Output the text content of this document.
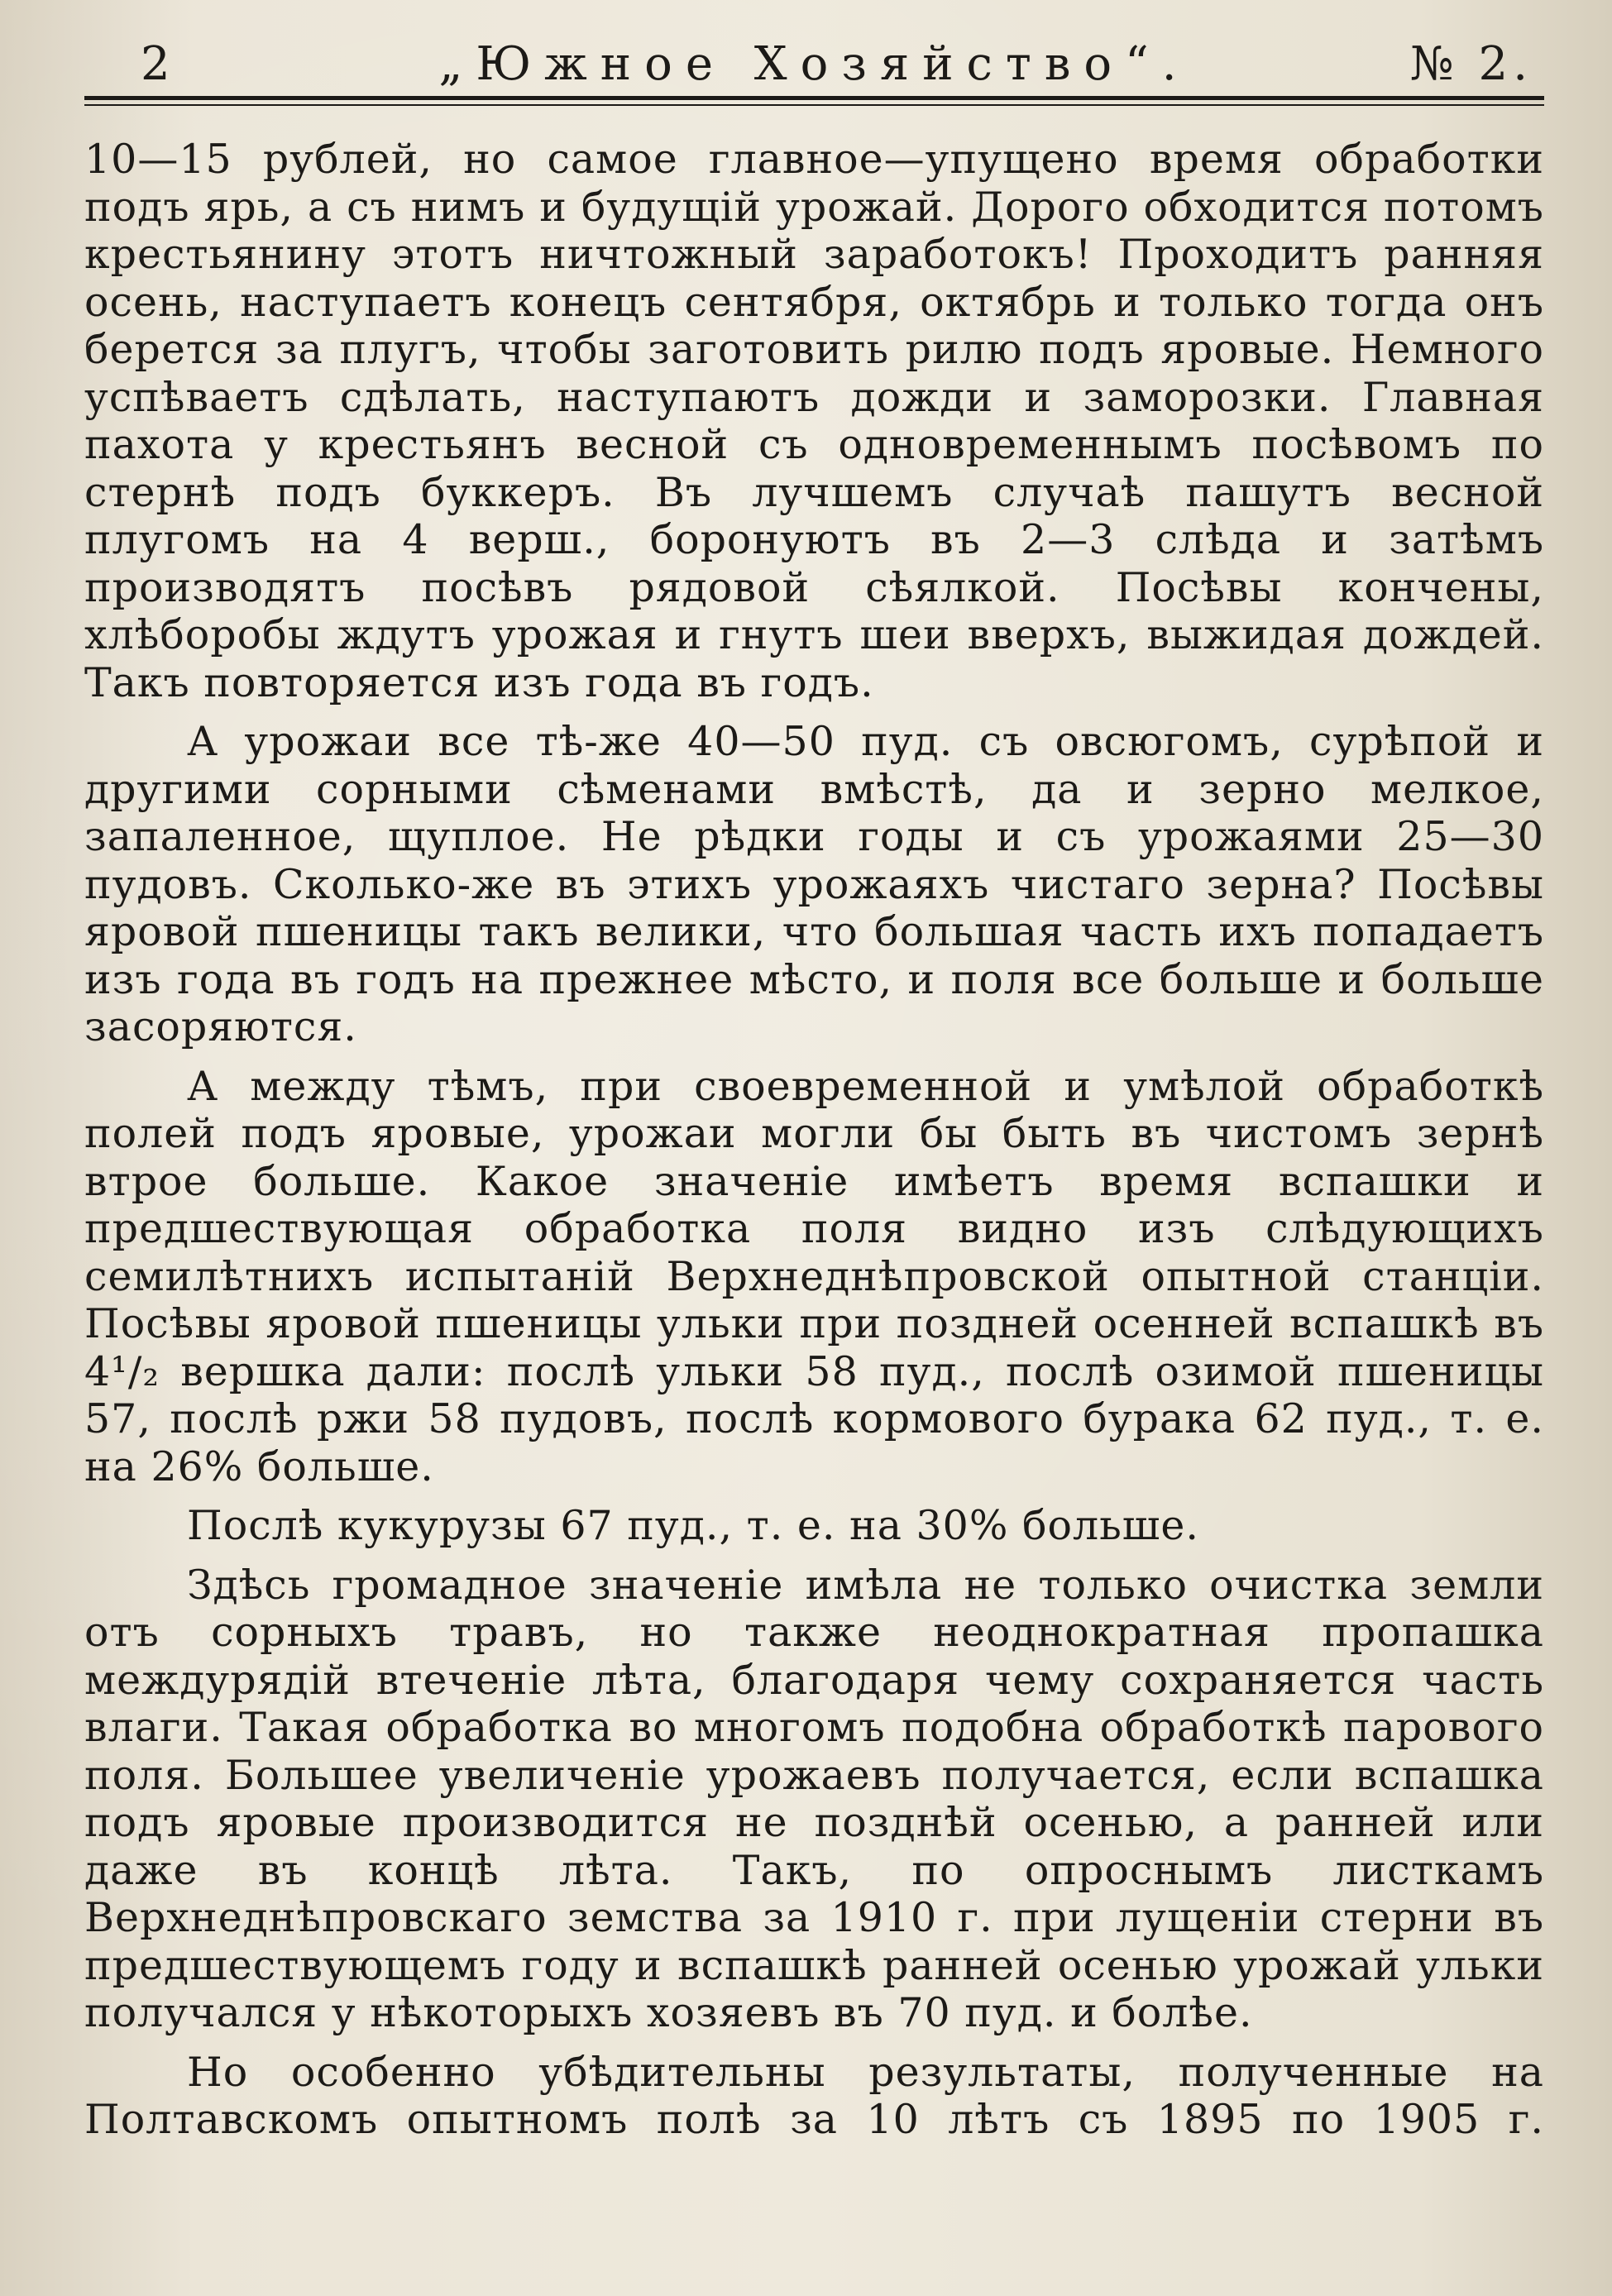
2	„Южное Хозяйство“.	№ 2.

10—15 рублей, но самое главное—упущено время обработки подъ ярь, а съ нимъ и будущій урожай. Дорого обходится потомъ крестьянину этотъ ничтожный заработокъ! Проходитъ ранняя осень, наступаетъ конецъ сентября, октябрь и только тогда онъ берется за плугъ, чтобы заготовить рилю подъ яровые. Немного успѣваетъ сдѣлать, наступаютъ дожди и заморозки. Главная пахота у крестьянъ весной съ одновременнымъ посѣвомъ по стернѣ подъ буккеръ. Въ лучшемъ случаѣ пашутъ весной плугомъ на 4 верш., боронуютъ въ 2—3 слѣда и затѣмъ производятъ посѣвъ рядовой сѣялкой. Посѣвы кончены, хлѣборобы ждутъ урожая и гнутъ шеи вверхъ, выжидая дождей. Такъ повторяется изъ года въ годъ.

А урожаи все тѣ-же 40—50 пуд. съ овсюгомъ, сурѣпой и другими сорными сѣменами вмѣстѣ, да и зерно мелкое, запаленное, щуплое. Не рѣдки годы и съ урожаями 25—30 пудовъ. Сколько-же въ этихъ урожаяхъ чистаго зерна? Посѣвы яровой пшеницы такъ велики, что большая часть ихъ попадаетъ изъ года въ годъ на прежнее мѣсто, и поля все больше и больше засоряются.

А между тѣмъ, при своевременной и умѣлой обработкѣ полей подъ яровые, урожаи могли бы быть въ чистомъ зернѣ втрое больше. Какое значеніе имѣетъ время вспашки и предшествующая обработка поля видно изъ слѣдующихъ семилѣтнихъ испытаній Верхнеднѣпровской опытной станціи. Посѣвы яровой пшеницы ульки при поздней осенней вспашкѣ въ 4¹/₂ вершка дали: послѣ ульки 58 пуд., послѣ озимой пшеницы 57, послѣ ржи 58 пудовъ, послѣ кормового бурака 62 пуд., т. е. на 26% больше.

Послѣ кукурузы 67 пуд., т. е. на 30% больше.

Здѣсь громадное значеніе имѣла не только очистка земли отъ сорныхъ травъ, но также неоднократная пропашка междурядій втеченіе лѣта, благодаря чему сохраняется часть влаги. Такая обработка во многомъ подобна обработкѣ парового поля. Большее увеличеніе урожаевъ получается, если вспашка подъ яровые производится не позднѣй осенью, а ранней или даже въ концѣ лѣта. Такъ, по опроснымъ листкамъ Верхнеднѣпровскаго земства за 1910 г. при лущеніи стерни въ предшествующемъ году и вспашкѣ ранней осенью урожай ульки получался у нѣкоторыхъ хозяевъ въ 70 пуд. и болѣе.

Но особенно убѣдительны результаты, полученные на Полтавскомъ опытномъ полѣ за 10 лѣтъ съ 1895 по 1905 г.
